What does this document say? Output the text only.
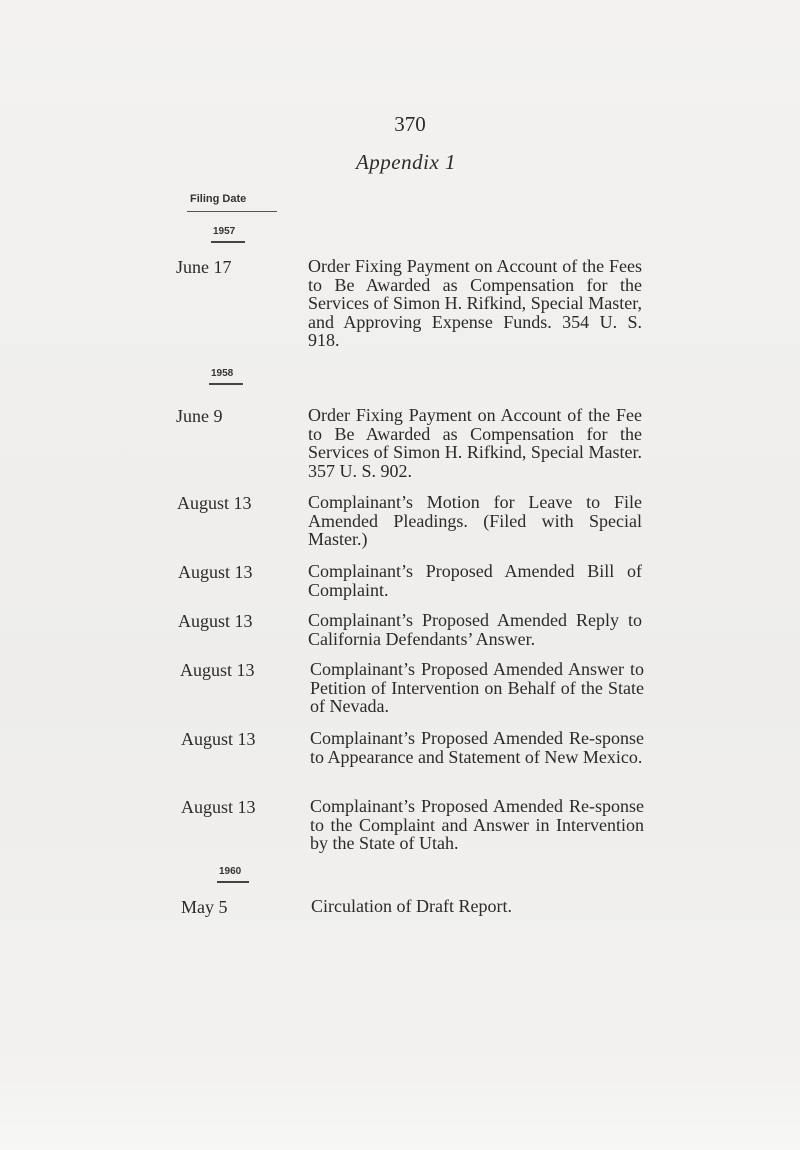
370
Appendix 1
Filing Date
1957
June 17	Order Fixing Payment on Account of the Fees to Be Awarded as Compensation for the Services of Simon H. Rifkind, Special Master, and Approving Expense Funds. 354 U. S. 918.
1958
June 9	Order Fixing Payment on Account of the Fee to Be Awarded as Compensation for the Services of Simon H. Rifkind, Special Master. 357 U. S. 902.
August 13	Complainant’s Motion for Leave to File Amended Pleadings. (Filed with Special Master.)
August 13	Complainant’s Proposed Amended Bill of Complaint.
August 13	Complainant’s Proposed Amended Reply to California Defendants’ Answer.
August 13	Complainant’s Proposed Amended Answer to Petition of Intervention on Behalf of the State of Nevada.
August 13	Complainant’s Proposed Amended Re-sponse to Appearance and Statement of New Mexico.
August 13	Complainant’s Proposed Amended Re-sponse to the Complaint and Answer in Intervention by the State of Utah.
1960
May 5	Circulation of Draft Report.
